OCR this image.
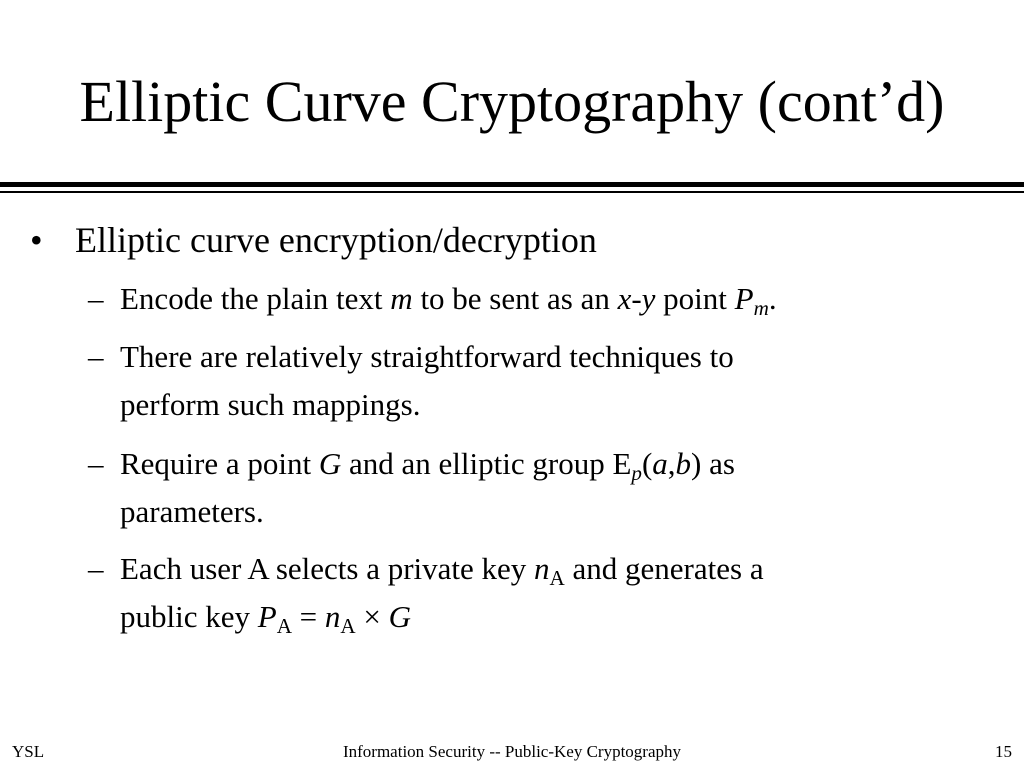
Elliptic Curve Cryptography (cont’d)
• Elliptic curve encryption/decryption
– Encode the plain text m to be sent as an x-y point $P_m$.
– There are relatively straightforward techniques to
perform such mappings.
– Require a point G and an elliptic group $E_p(a,b)$ as
parameters.
– Each user A selects a private key $n_A$ and generates a
public key $P_A = n_A \times G$
YSL	Information Security -- Public-Key Cryptography	15
